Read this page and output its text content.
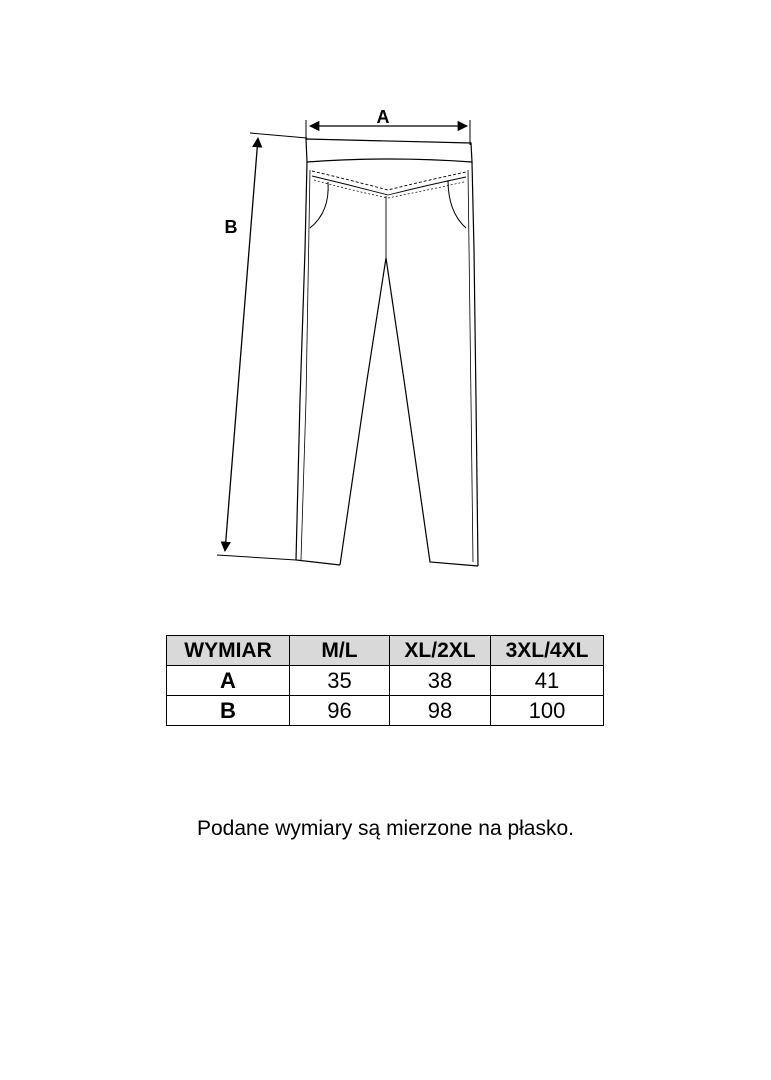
A
B
WYMIAR	M/L	XL/2XL	3XL/4XL
A	35	38	41
B	96	98	100
Podane wymiary są mierzone na płasko.
